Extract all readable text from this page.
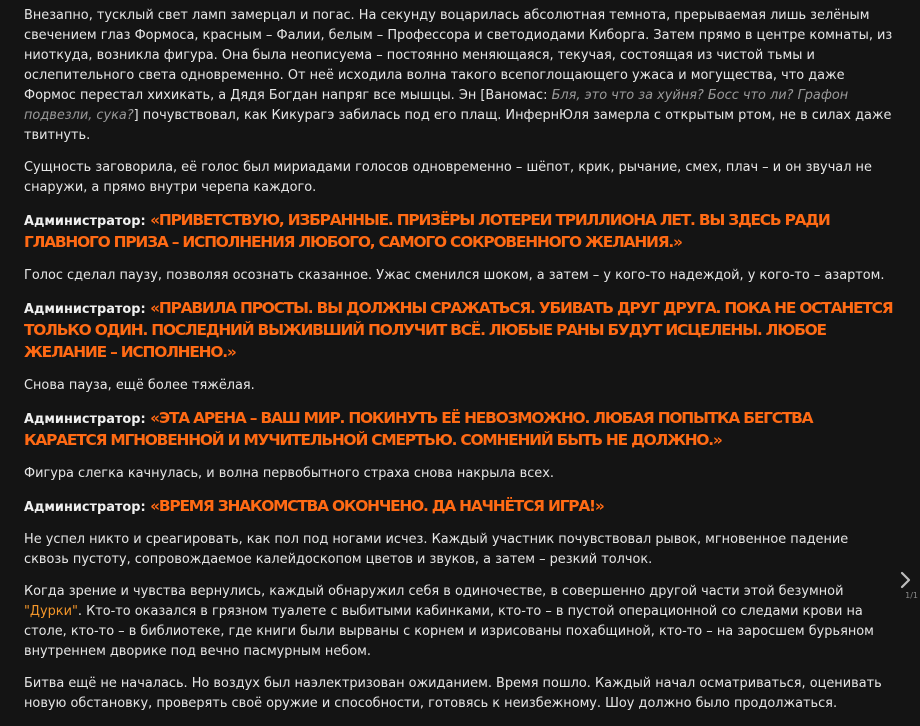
Внезапно, тусклый свет ламп замерцал и погас. На секунду воцарилась абсолютная темнота, прерываемая лишь зелёным свечением глаз Формоса, красным – Фалии, белым – Профессора и светодиодами Киборга. Затем прямо в центре комнаты, из ниоткуда, возникла фигура. Она была неописуема – постоянно меняющаяся, текучая, состоящая из чистой тьмы и ослепительного света одновременно. От неё исходила волна такого всепоглощающего ужаса и могущества, что даже Формос перестал хихикать, а Дядя Богдан напряг все мышцы. Эн [Ваномас: Бля, это что за хуйня? Босс что ли? Графон подвезли, сука?] почувствовал, как Кикурагэ забилась под его плащ. ИнфернЮля замерла с открытым ртом, не в силах даже твитнуть.

Сущность заговорила, её голос был мириадами голосов одновременно – шёпот, крик, рычание, смех, плач – и он звучал не снаружи, а прямо внутри черепа каждого.

Администратор: «ПРИВЕТСТВУЮ, ИЗБРАННЫЕ. ПРИЗЁРЫ ЛОТЕРЕИ ТРИЛЛИОНА ЛЕТ. ВЫ ЗДЕСЬ РАДИ ГЛАВНОГО ПРИЗА – ИСПОЛНЕНИЯ ЛЮБОГО, САМОГО СОКРОВЕННОГО ЖЕЛАНИЯ.»

Голос сделал паузу, позволяя осознать сказанное. Ужас сменился шоком, а затем – у кого-то надеждой, у кого-то – азартом.

Администратор: «ПРАВИЛА ПРОСТЫ. ВЫ ДОЛЖНЫ СРАЖАТЬСЯ. УБИВАТЬ ДРУГ ДРУГА. ПОКА НЕ ОСТАНЕТСЯ ТОЛЬКО ОДИН. ПОСЛЕДНИЙ ВЫЖИВШИЙ ПОЛУЧИТ ВСЁ. ЛЮБЫЕ РАНЫ БУДУТ ИСЦЕЛЕНЫ. ЛЮБОЕ ЖЕЛАНИЕ – ИСПОЛНЕНО.»

Снова пауза, ещё более тяжёлая.

Администратор: «ЭТА АРЕНА – ВАШ МИР. ПОКИНУТЬ ЕЁ НЕВОЗМОЖНО. ЛЮБАЯ ПОПЫТКА БЕГСТВА КАРАЕТСЯ МГНОВЕННОЙ И МУЧИТЕЛЬНОЙ СМЕРТЬЮ. СОМНЕНИЙ БЫТЬ НЕ ДОЛЖНО.»

Фигура слегка качнулась, и волна первобытного страха снова накрыла всех.

Администратор: «ВРЕМЯ ЗНАКОМСТВА ОКОНЧЕНО. ДА НАЧНЁТСЯ ИГРА!»

Не успел никто и среагировать, как пол под ногами исчез. Каждый участник почувствовал рывок, мгновенное падение сквозь пустоту, сопровождаемое калейдоскопом цветов и звуков, а затем – резкий толчок.

Когда зрение и чувства вернулись, каждый обнаружил себя в одиночестве, в совершенно другой части этой безумной "Дурки". Кто-то оказался в грязном туалете с выбитыми кабинками, кто-то – в пустой операционной со следами крови на столе, кто-то – в библиотеке, где книги были вырваны с корнем и изрисованы похабщиной, кто-то – на заросшем бурьяном внутреннем дворике под вечно пасмурным небом.

Битва ещё не началась. Но воздух был наэлектризован ожиданием. Время пошло. Каждый начал осматриваться, оценивать новую обстановку, проверять своё оружие и способности, готовясь к неизбежному. Шоу должно было продолжаться.

1/1
